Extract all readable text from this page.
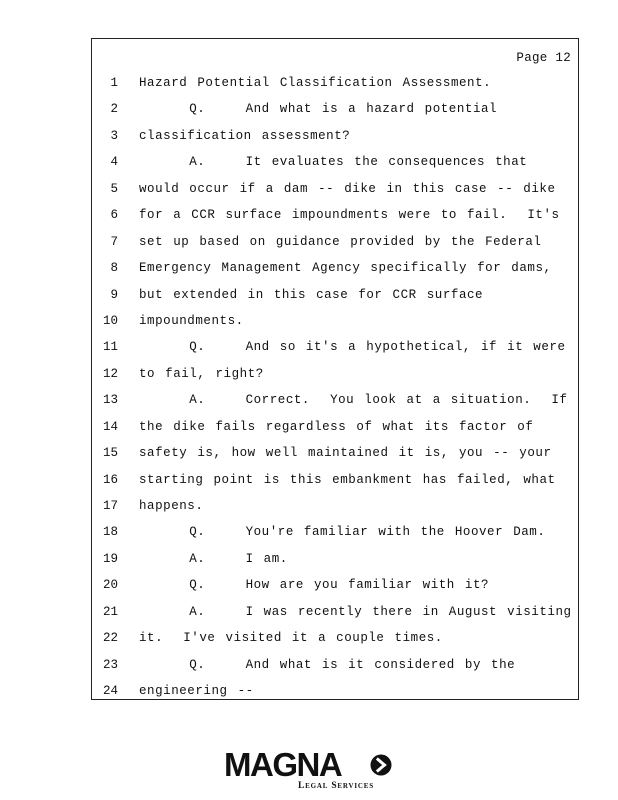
Page 12
1 Hazard Potential Classification Assessment.
2 Q.    And what is a hazard potential
3 classification assessment?
4 A.    It evaluates the consequences that
5 would occur if a dam -- dike in this case -- dike
6 for a CCR surface impoundments were to fail.  It's
7 set up based on guidance provided by the Federal
8 Emergency Management Agency specifically for dams,
9 but extended in this case for CCR surface
10 impoundments.
11 Q.    And so it's a hypothetical, if it were
12 to fail, right?
13 A.    Correct.  You look at a situation.  If
14 the dike fails regardless of what its factor of
15 safety is, how well maintained it is, you -- your
16 starting point is this embankment has failed, what
17 happens.
18 Q.    You're familiar with the Hoover Dam.
19 A.    I am.
20 Q.    How are you familiar with it?
21 A.    I was recently there in August visiting
22 it.  I've visited it a couple times.
23 Q.    And what is it considered by the
24 engineering --
MAGNA
Legal Services
